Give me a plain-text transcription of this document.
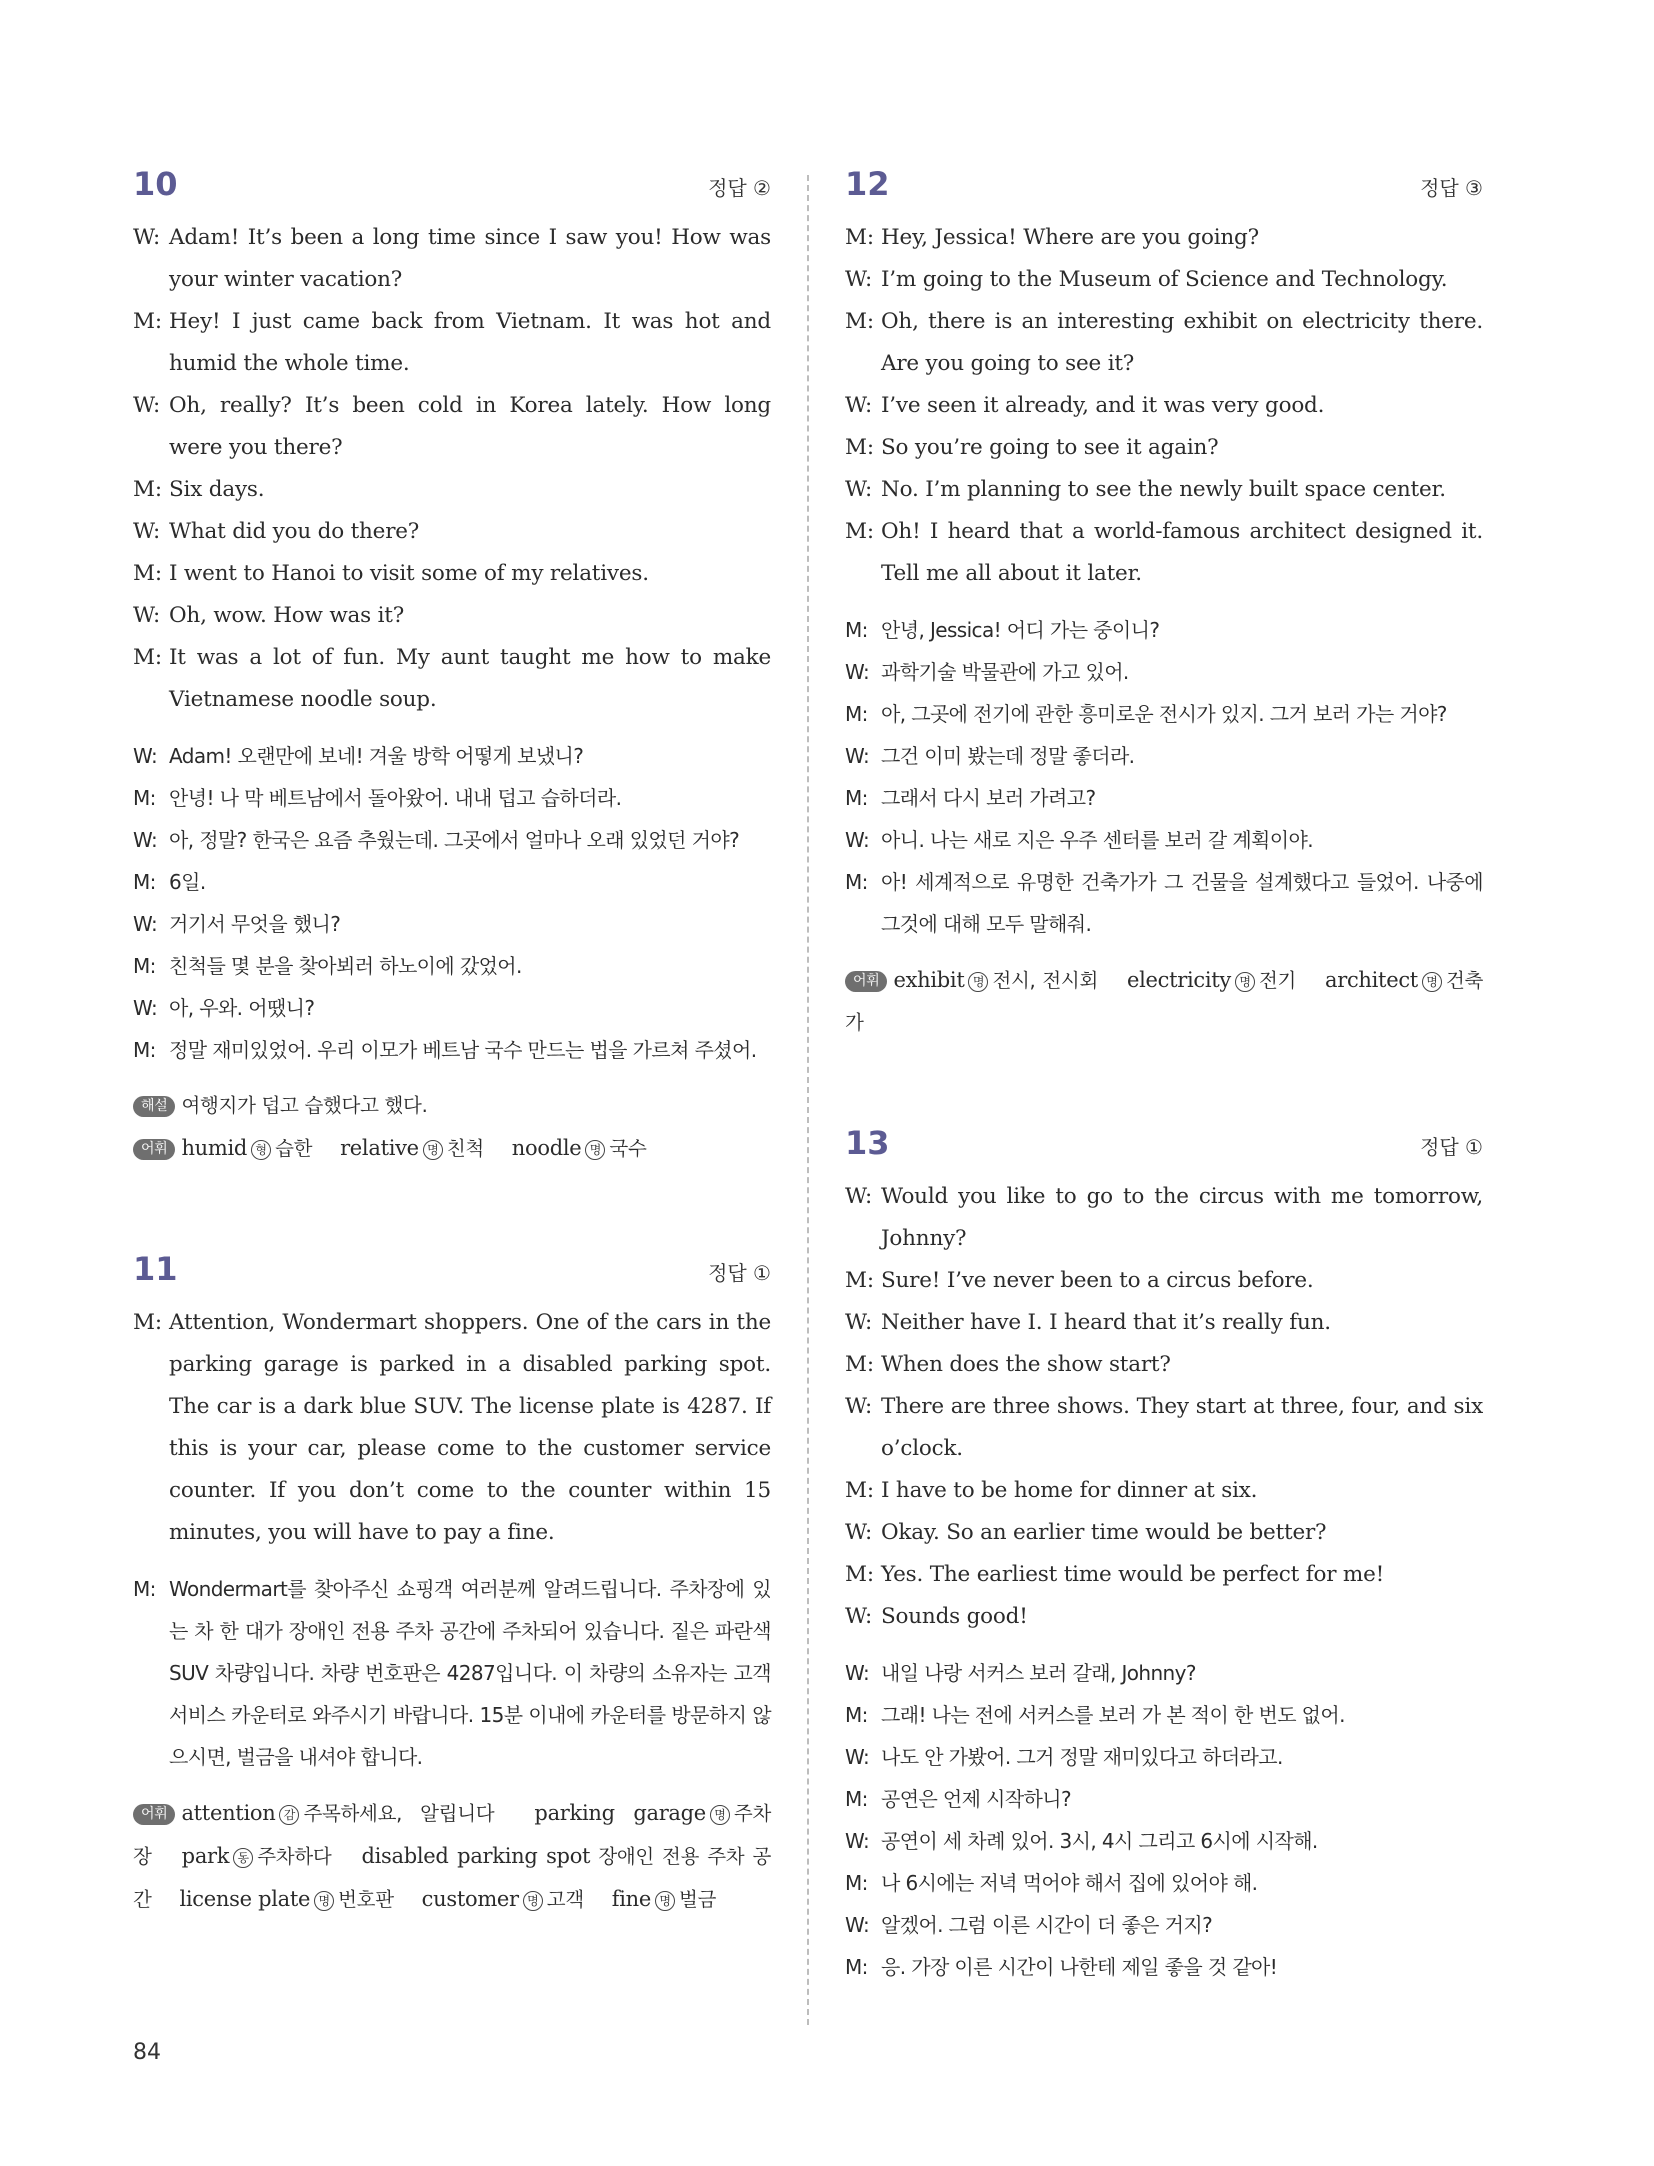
10	정답 ②
W: Adam! It’s been a long time since I saw you! How was your winter vacation?
M: Hey! I just came back from Vietnam. It was hot and humid the whole time.
W: Oh, really? It’s been cold in Korea lately. How long were you there?
M: Six days.
W: What did you do there?
M: I went to Hanoi to visit some of my relatives.
W: Oh, wow. How was it?
M: It was a lot of fun. My aunt taught me how to make Vietnamese noodle soup.
W: Adam! 오랜만에 보네! 겨울 방학 어떻게 보냈니?
M: 안녕! 나 막 베트남에서 돌아왔어. 내내 덥고 습하더라.
W: 아, 정말? 한국은 요즘 추웠는데. 그곳에서 얼마나 오래 있었던 거야?
M: 6일.
W: 거기서 무엇을 했니?
M: 친척들 몇 분을 찾아뵈러 하노이에 갔었어.
W: 아, 우와. 어땠니?
M: 정말 재미있었어. 우리 이모가 베트남 국수 만드는 법을 가르쳐 주셨어.
해설 여행지가 덥고 습했다고 했다.
어휘 humid 형 습한 relative 명 친척 noodle 명 국수
11	정답 ①
M: Attention, Wondermart shoppers. One of the cars in the parking garage is parked in a disabled parking spot. The car is a dark blue SUV. The license plate is 4287. If this is your car, please come to the customer service counter. If you don’t come to the counter within 15 minutes, you will have to pay a fine.
M: Wondermart를 찾아주신 쇼핑객 여러분께 알려드립니다. 주차장에 있는 차 한 대가 장애인 전용 주차 공간에 주차되어 있습니다. 짙은 파란색 SUV 차량입니다. 차량 번호판은 4287입니다. 이 차량의 소유자는 고객 서비스 카운터로 와주시기 바랍니다. 15분 이내에 카운터를 방문하지 않으시면, 벌금을 내셔야 합니다.
어휘 attention 감 주목하세요, 알립니다 parking garage 명 주차장 park 동 주차하다 disabled parking spot 장애인 전용 주차 공간 license plate 명 번호판 customer 명 고객 fine 명 벌금
12	정답 ③
M: Hey, Jessica! Where are you going?
W: I’m going to the Museum of Science and Technology.
M: Oh, there is an interesting exhibit on electricity there. Are you going to see it?
W: I’ve seen it already, and it was very good.
M: So you’re going to see it again?
W: No. I’m planning to see the newly built space center.
M: Oh! I heard that a world-famous architect designed it. Tell me all about it later.
M: 안녕, Jessica! 어디 가는 중이니?
W: 과학기술 박물관에 가고 있어.
M: 아, 그곳에 전기에 관한 흥미로운 전시가 있지. 그거 보러 가는 거야?
W: 그건 이미 봤는데 정말 좋더라.
M: 그래서 다시 보러 가려고?
W: 아니. 나는 새로 지은 우주 센터를 보러 갈 계획이야.
M: 아! 세계적으로 유명한 건축가가 그 건물을 설계했다고 들었어. 나중에 그것에 대해 모두 말해줘.
어휘 exhibit 명 전시, 전시회 electricity 명 전기 architect 명 건축가
13	정답 ①
W: Would you like to go to the circus with me tomorrow, Johnny?
M: Sure! I’ve never been to a circus before.
W: Neither have I. I heard that it’s really fun.
M: When does the show start?
W: There are three shows. They start at three, four, and six o’clock.
M: I have to be home for dinner at six.
W: Okay. So an earlier time would be better?
M: Yes. The earliest time would be perfect for me!
W: Sounds good!
W: 내일 나랑 서커스 보러 갈래, Johnny?
M: 그래! 나는 전에 서커스를 보러 가 본 적이 한 번도 없어.
W: 나도 안 가봤어. 그거 정말 재미있다고 하더라고.
M: 공연은 언제 시작하니?
W: 공연이 세 차례 있어. 3시, 4시 그리고 6시에 시작해.
M: 나 6시에는 저녁 먹어야 해서 집에 있어야 해.
W: 알겠어. 그럼 이른 시간이 더 좋은 거지?
M: 응. 가장 이른 시간이 나한테 제일 좋을 것 같아!
84
